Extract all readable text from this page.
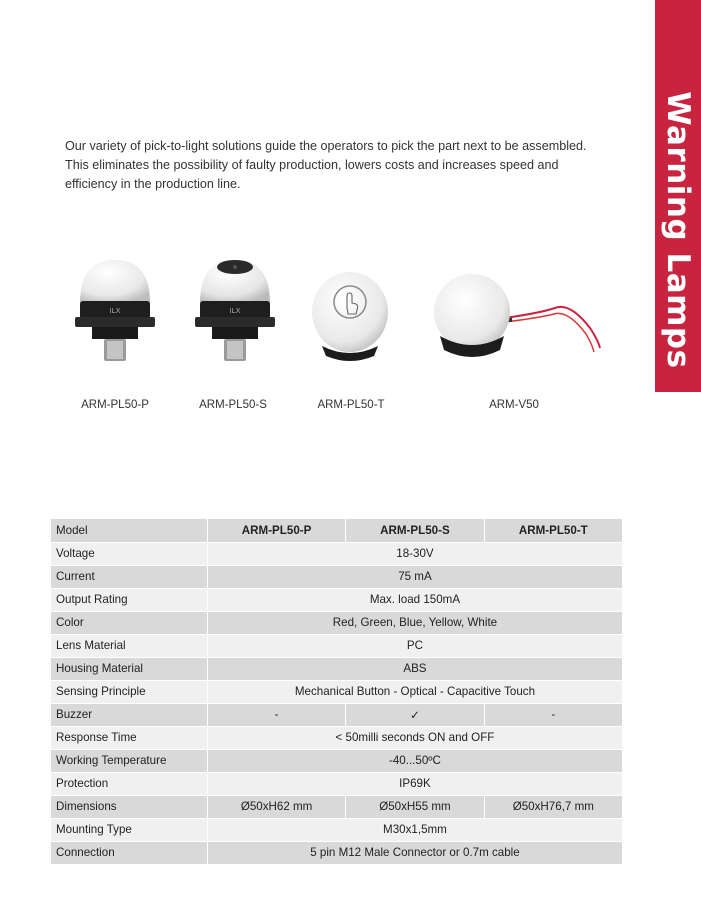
Warning Lamps

Our variety of pick-to-light solutions guide the operators to pick the part next to be assembled.

This eliminates the possibility of faulty production, lowers costs and increases speed and

efficiency in the production line.

ILX	ILX
ARM-PL50-P	ARM-PL50-S	ARM-PL50-T	ARM-V50
Model	ARM-PL50-P	ARM-PL50-S	ARM-PL50-T
Voltage	18-30V		
Current	75 mA		
Output Rating	Max. load 150mA		
Color	Red, Green, Blue, Yellow, White		
Lens Material	PC		
Housing Material	ABS		
Sensing Principle	Mechanical Button - Optical - Capacitive Touch		
Buzzer	-	✓	-
Response Time	< 50milli seconds ON and OFF		
Working Temperature	-40...50ºC		
Protection	IP69K		
Dimensions	Ø50xH62 mm	Ø50xH55 mm	Ø50xH76,7 mm
Mounting Type	M30x1,5mm		
Connection	5 pin M12 Male Connector or 0.7m cable		
